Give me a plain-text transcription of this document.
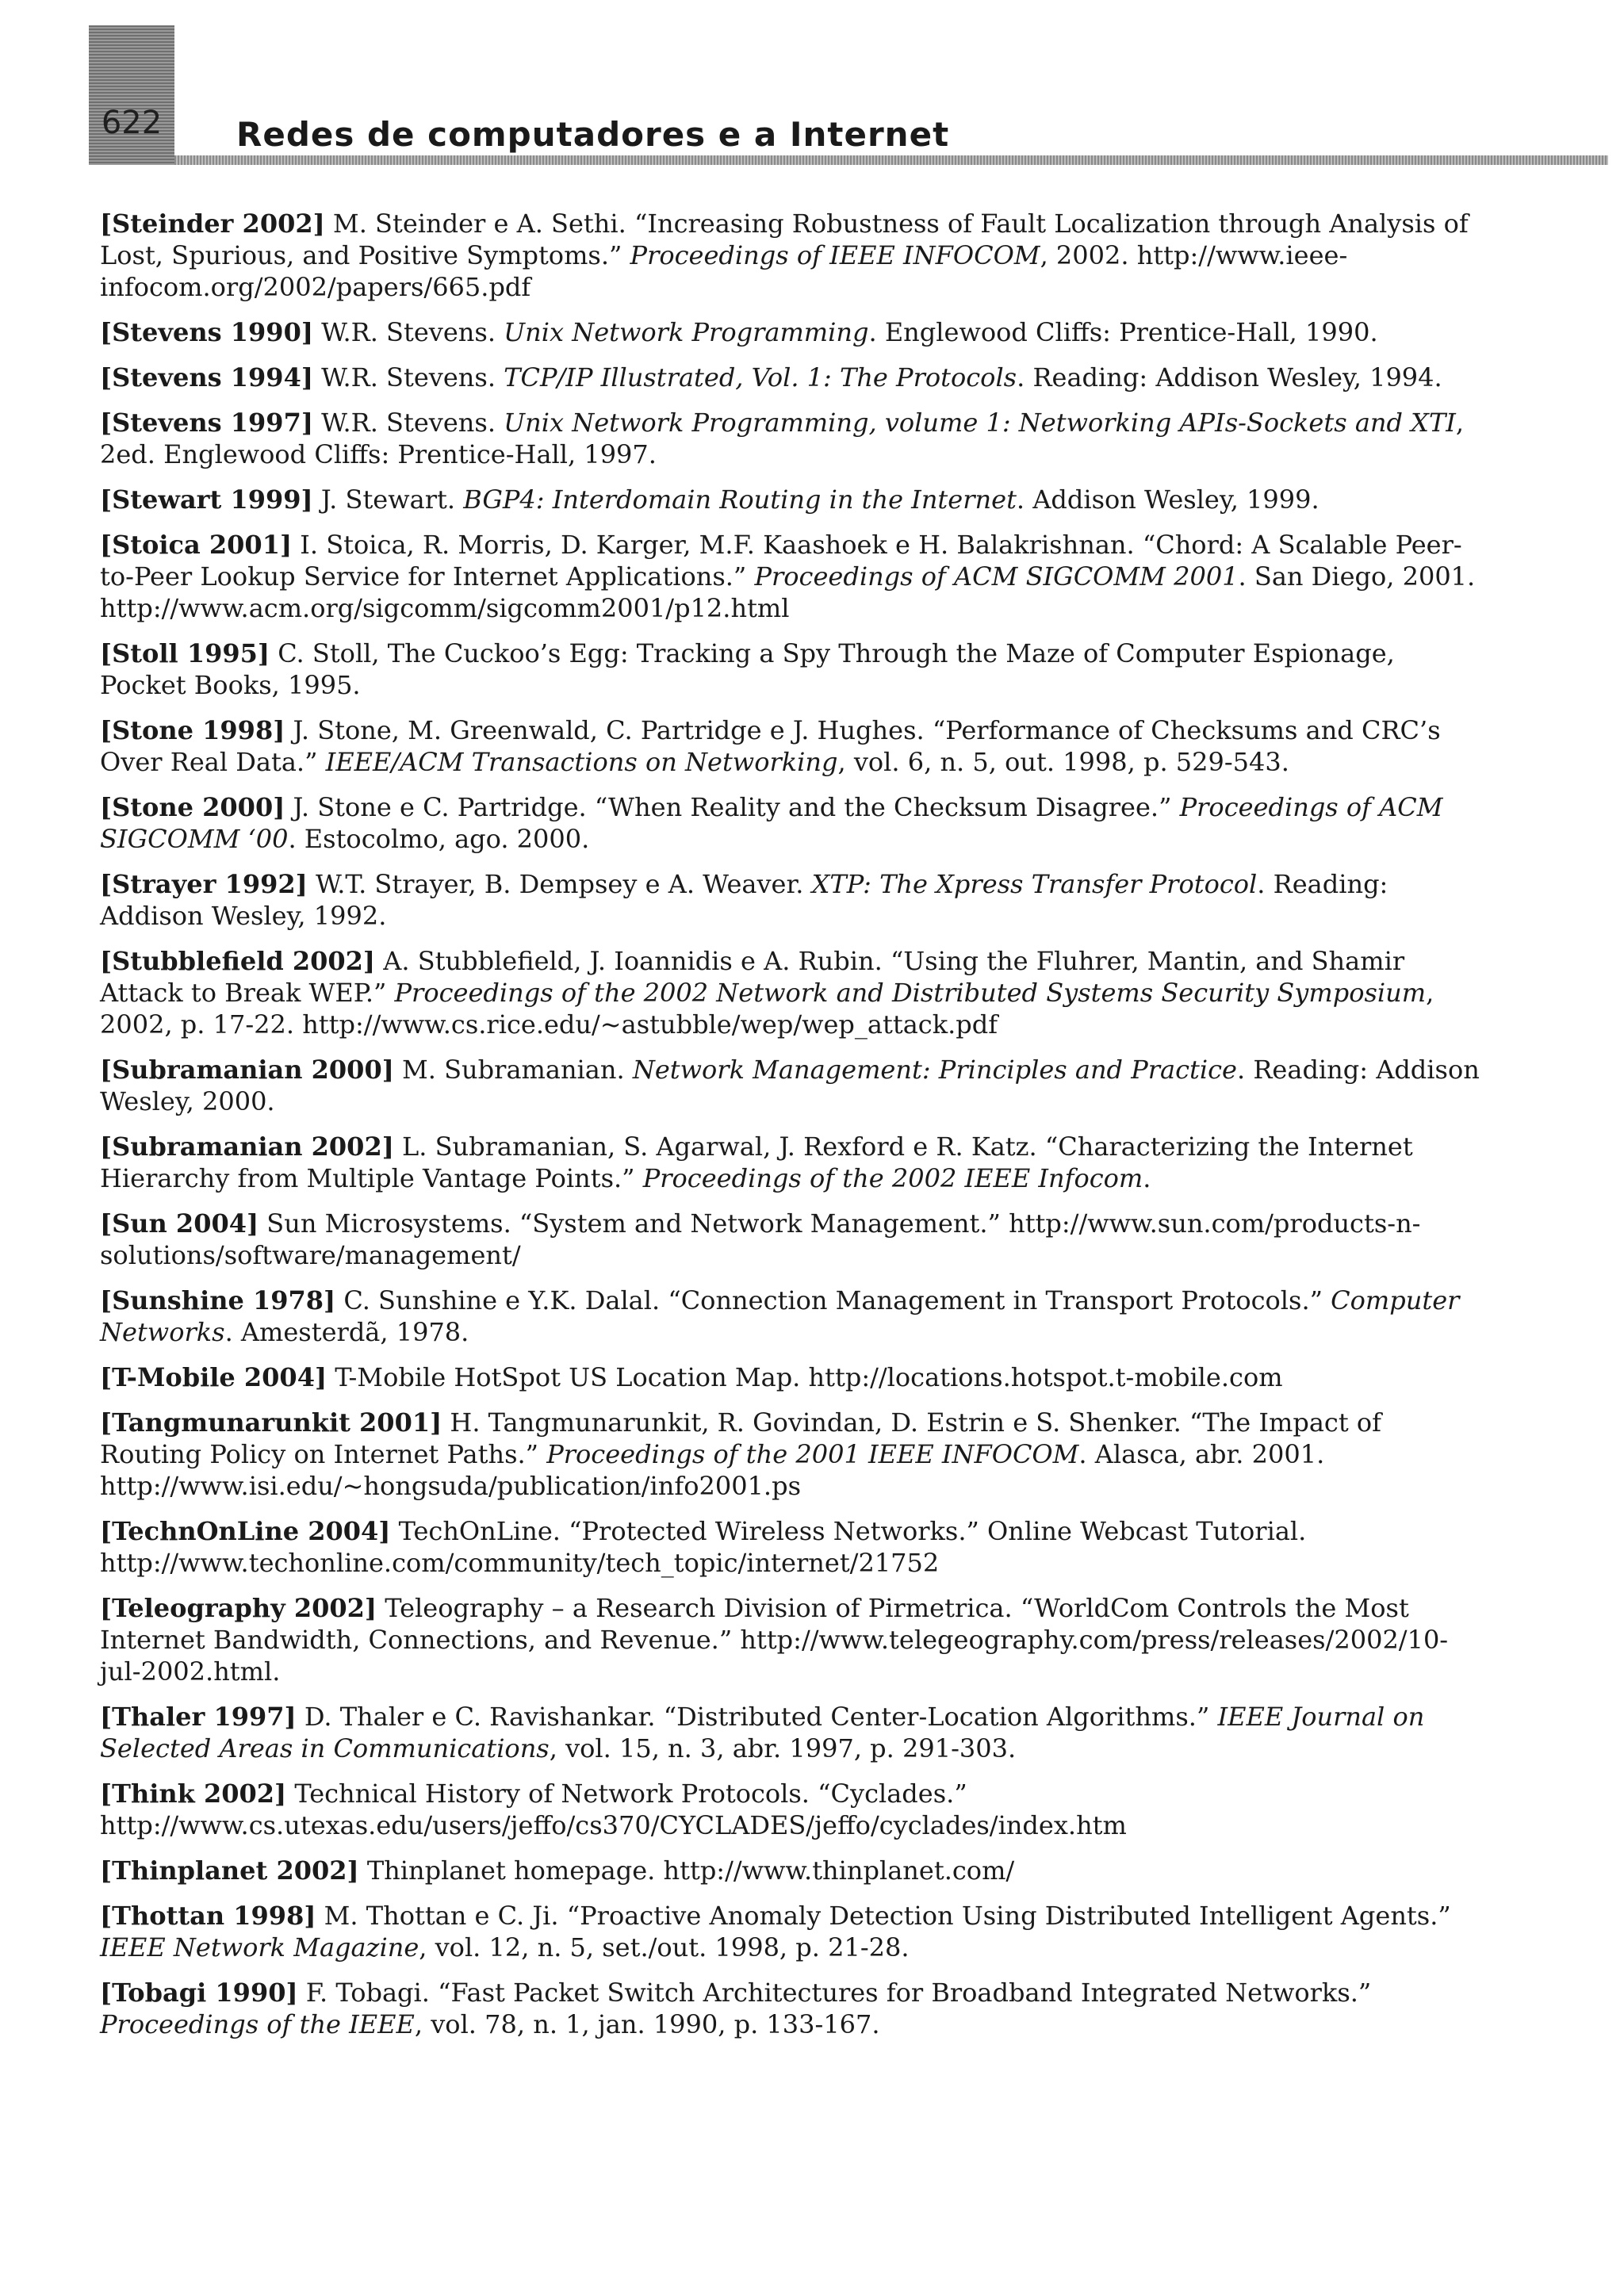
622	Redes de computadores e a Internet

[Steinder 2002] M. Steinder e A. Sethi. “Increasing Robustness of Fault Localization through Analysis of Lost, Spurious, and Positive Symptoms.” Proceedings of IEEE INFOCOM, 2002. http://www.ieee-infocom.org/2002/papers/665.pdf

[Stevens 1990] W.R. Stevens. Unix Network Programming. Englewood Cliffs: Prentice-Hall, 1990.

[Stevens 1994] W.R. Stevens. TCP/IP Illustrated, Vol. 1: The Protocols. Reading: Addison Wesley, 1994.

[Stevens 1997] W.R. Stevens. Unix Network Programming, volume 1: Networking APIs-Sockets and XTI, 2ed. Englewood Cliffs: Prentice-Hall, 1997.

[Stewart 1999] J. Stewart. BGP4: Interdomain Routing in the Internet. Addison Wesley, 1999.

[Stoica 2001] I. Stoica, R. Morris, D. Karger, M.F. Kaashoek e H. Balakrishnan. “Chord: A Scalable Peer-to-Peer Lookup Service for Internet Applications.” Proceedings of ACM SIGCOMM 2001. San Diego, 2001. http://www.acm.org/sigcomm/sigcomm2001/p12.html

[Stoll 1995] C. Stoll, The Cuckoo’s Egg: Tracking a Spy Through the Maze of Computer Espionage, Pocket Books, 1995.

[Stone 1998] J. Stone, M. Greenwald, C. Partridge e J. Hughes. “Performance of Checksums and CRC’s Over Real Data.” IEEE/ACM Transactions on Networking, vol. 6, n. 5, out. 1998, p. 529-543.

[Stone 2000] J. Stone e C. Partridge. “When Reality and the Checksum Disagree.” Proceedings of ACM SIGCOMM ‘00. Estocolmo, ago. 2000.

[Strayer 1992] W.T. Strayer, B. Dempsey e A. Weaver. XTP: The Xpress Transfer Protocol. Reading: Addison Wesley, 1992.

[Stubblefield 2002] A. Stubblefield, J. Ioannidis e A. Rubin. “Using the Fluhrer, Mantin, and Shamir Attack to Break WEP.” Proceedings of the 2002 Network and Distributed Systems Security Symposium, 2002, p. 17-22. http://www.cs.rice.edu/~astubble/wep/wep_attack.pdf

[Subramanian 2000] M. Subramanian. Network Management: Principles and Practice. Reading: Addison Wesley, 2000.

[Subramanian 2002] L. Subramanian, S. Agarwal, J. Rexford e R. Katz. “Characterizing the Internet Hierarchy from Multiple Vantage Points.” Proceedings of the 2002 IEEE Infocom.

[Sun 2004] Sun Microsystems. “System and Network Management.” http://www.sun.com/products-n-solutions/software/management/

[Sunshine 1978] C. Sunshine e Y.K. Dalal. “Connection Management in Transport Protocols.” Computer Networks. Amesterdã, 1978.

[T-Mobile 2004] T-Mobile HotSpot US Location Map. http://locations.hotspot.t-mobile.com

[Tangmunarunkit 2001] H. Tangmunarunkit, R. Govindan, D. Estrin e S. Shenker. “The Impact of Routing Policy on Internet Paths.” Proceedings of the 2001 IEEE INFOCOM. Alasca, abr. 2001. http://www.isi.edu/~hongsuda/publication/info2001.ps

[TechnOnLine 2004] TechOnLine. “Protected Wireless Networks.” Online Webcast Tutorial. http://www.techonline.com/community/tech_topic/internet/21752

[Teleography 2002] Teleography – a Research Division of Pirmetrica. “WorldCom Controls the Most Internet Bandwidth, Connections, and Revenue.” http://www.telegeography.com/press/releases/2002/10-jul-2002.html.

[Thaler 1997] D. Thaler e C. Ravishankar. “Distributed Center-Location Algorithms.” IEEE Journal on Selected Areas in Communications, vol. 15, n. 3, abr. 1997, p. 291-303.

[Think 2002] Technical History of Network Protocols. “Cyclades.” http://www.cs.utexas.edu/users/jeffo/cs370/CYCLADES/jeffo/cyclades/index.htm

[Thinplanet 2002] Thinplanet homepage. http://www.thinplanet.com/

[Thottan 1998] M. Thottan e C. Ji. “Proactive Anomaly Detection Using Distributed Intelligent Agents.” IEEE Network Magazine, vol. 12, n. 5, set./out. 1998, p. 21-28.

[Tobagi 1990] F. Tobagi. “Fast Packet Switch Architectures for Broadband Integrated Networks.” Proceedings of the IEEE, vol. 78, n. 1, jan. 1990, p. 133-167.
